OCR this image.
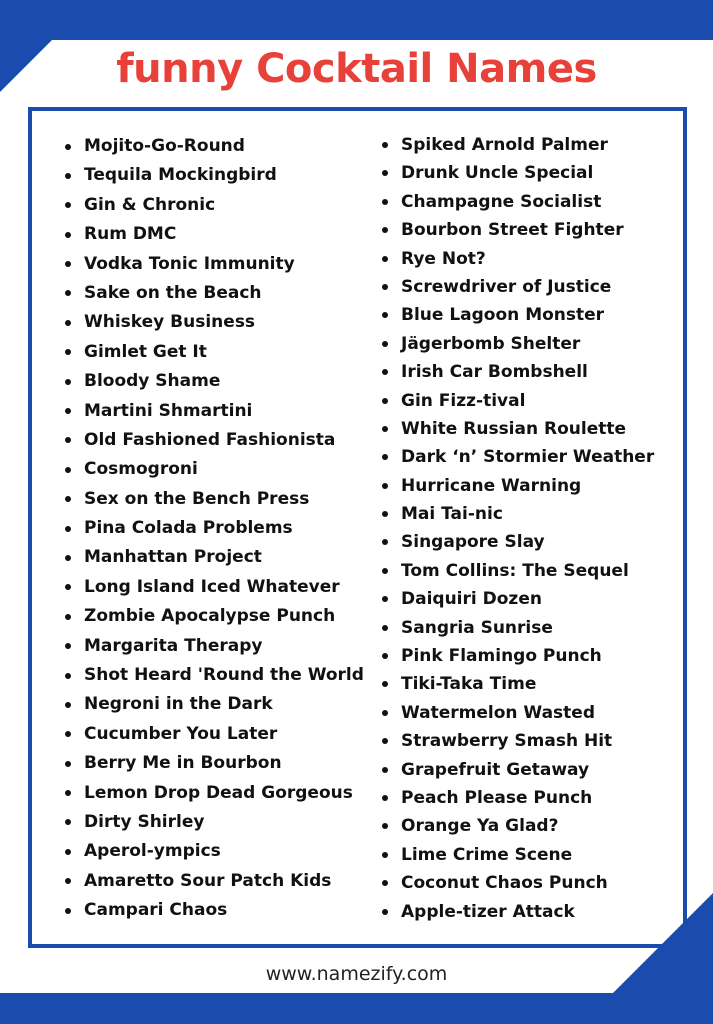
funny Cocktail Names
Mojito-Go-Round
Tequila Mockingbird
Gin & Chronic
Rum DMC
Vodka Tonic Immunity
Sake on the Beach
Whiskey Business
Gimlet Get It
Bloody Shame
Martini Shmartini
Old Fashioned Fashionista
Cosmogroni
Sex on the Bench Press
Pina Colada Problems
Manhattan Project
Long Island Iced Whatever
Zombie Apocalypse Punch
Margarita Therapy
Shot Heard 'Round the World
Negroni in the Dark
Cucumber You Later
Berry Me in Bourbon
Lemon Drop Dead Gorgeous
Dirty Shirley
Aperol-ympics
Amaretto Sour Patch Kids
Campari Chaos
Spiked Arnold Palmer
Drunk Uncle Special
Champagne Socialist
Bourbon Street Fighter
Rye Not?
Screwdriver of Justice
Blue Lagoon Monster
Jägerbomb Shelter
Irish Car Bombshell
Gin Fizz-tival
White Russian Roulette
Dark ‘n’ Stormier Weather
Hurricane Warning
Mai Tai-nic
Singapore Slay
Tom Collins: The Sequel
Daiquiri Dozen
Sangria Sunrise
Pink Flamingo Punch
Tiki-Taka Time
Watermelon Wasted
Strawberry Smash Hit
Grapefruit Getaway
Peach Please Punch
Orange Ya Glad?
Lime Crime Scene
Coconut Chaos Punch
Apple-tizer Attack

www.namezify.com
